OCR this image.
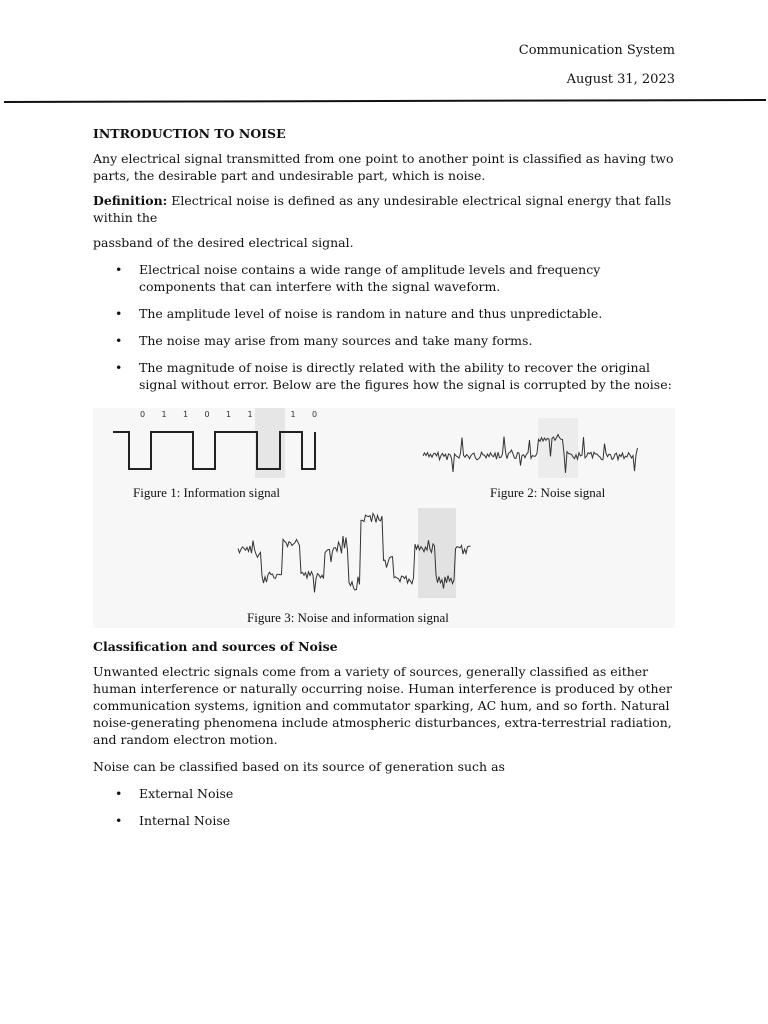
Communication System
August 31, 2023

INTRODUCTION TO NOISE

Any electrical signal transmitted from one point to another point is classified as having two parts, the desirable part and undesirable part, which is noise.

Definition: Electrical noise is defined as any undesirable electrical signal energy that falls within the

passband of the desired electrical signal.

• Electrical noise contains a wide range of amplitude levels and frequency components that can interfere with the signal waveform.
• The amplitude level of noise is random in nature and thus unpredictable.
• The noise may arise from many sources and take many forms.
• The magnitude of noise is directly related with the ability to recover the original signal without error. Below are the figures how the signal is corrupted by the noise:
0 1 1 0 1 1	1 0
Figure 1: Information signal	Figure 2: Noise signal
Figure 3: Noise and information signal

Classification and sources of Noise

Unwanted electric signals come from a variety of sources, generally classified as either human interference or naturally occurring noise. Human interference is produced by other communication systems, ignition and commutator sparking, AC hum, and so forth. Natural noise-generating phenomena include atmospheric disturbances, extra-terrestrial radiation, and random electron motion.

Noise can be classified based on its source of generation such as

• External Noise
• Internal Noise
